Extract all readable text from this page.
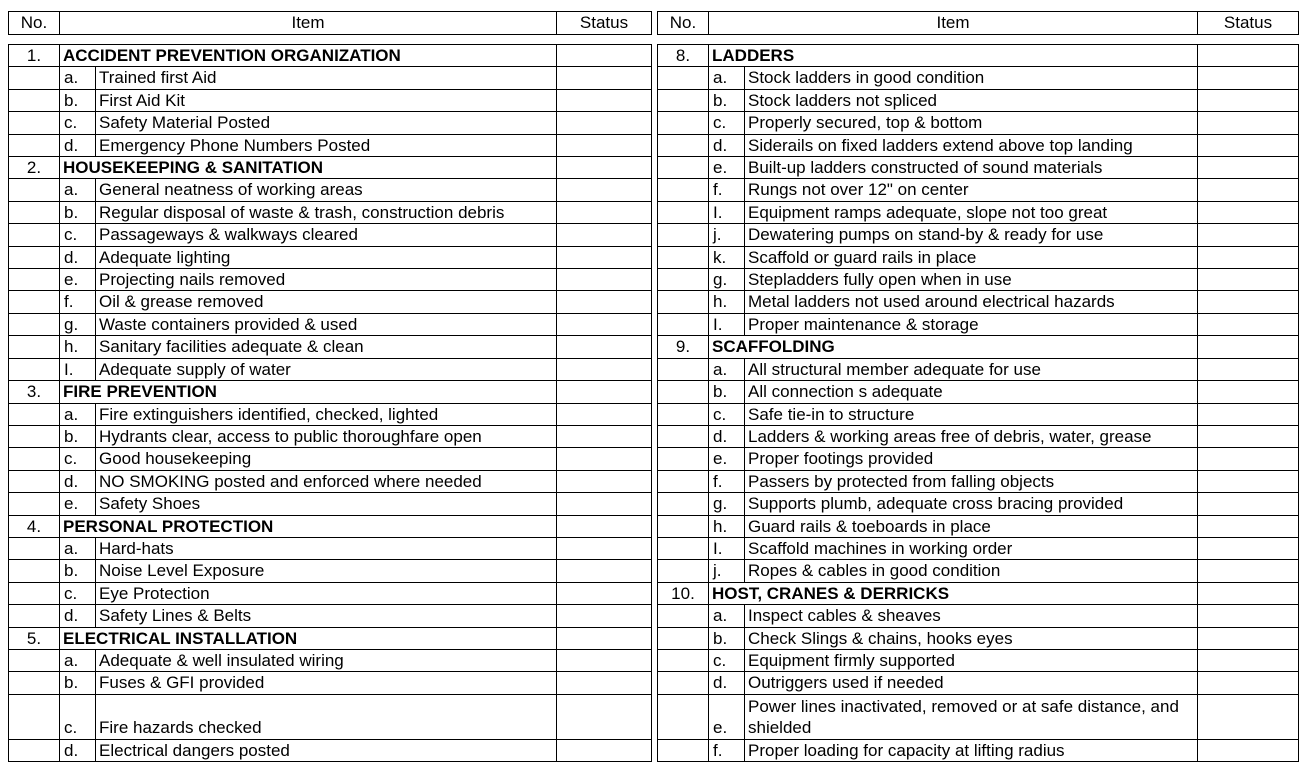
No.	Item	Status No.	Item	Status
1.	ACCIDENT PREVENTION ORGANIZATION		
	a.	Trained first Aid	
	b.	First Aid Kit	
	c.	Safety Material Posted	
	d.	Emergency Phone Numbers Posted	
2.	HOUSEKEEPING & SANITATION		
	a.	General neatness of working areas	
	b.	Regular disposal of waste & trash, construction debris	
	c.	Passageways & walkways cleared	
	d.	Adequate lighting	
	e.	Projecting nails removed	
	f.	Oil & grease removed	
	g.	Waste containers provided & used	
	h.	Sanitary facilities adequate & clean	
	I.	Adequate supply of water	
3.	FIRE PREVENTION		
	a.	Fire extinguishers identified, checked, lighted	
	b.	Hydrants clear, access to public thoroughfare open	
	c.	Good housekeeping	
	d.	NO SMOKING posted and enforced where needed	
	e.	Safety Shoes	
4.	PERSONAL PROTECTION		
	a.	Hard-hats	
	b.	Noise Level Exposure	
	c.	Eye Protection	
	d.	Safety Lines & Belts	
5.	ELECTRICAL INSTALLATION		
	a.	Adequate & well insulated wiring	
	b.	Fuses & GFI provided	
	c.	Fire hazards checked	
	d.	Electrical dangers posted	
8.	LADDERS		
	a.	Stock ladders in good condition	
	b.	Stock ladders not spliced	
	c.	Properly secured, top & bottom	
	d.	Siderails on fixed ladders extend above top landing	
	e.	Built-up ladders constructed of sound materials	
	f.	Rungs not over 12" on center	
	I.	Equipment ramps adequate, slope not too great	
	j.	Dewatering pumps on stand-by & ready for use	
	k.	Scaffold or guard rails in place	
	g.	Stepladders fully open when in use	
	h.	Metal ladders not used around electrical hazards	
	I.	Proper maintenance & storage	
9.	SCAFFOLDING		
	a.	All structural member adequate for use	
	b.	All connection s adequate	
	c.	Safe tie-in to structure	
	d.	Ladders & working areas free of debris, water, grease	
	e.	Proper footings provided	
	f.	Passers by protected from falling objects	
	g.	Supports plumb, adequate cross bracing provided	
	h.	Guard rails & toeboards in place	
	I.	Scaffold machines in working order	
	j.	Ropes & cables in good condition	
10.	HOST, CRANES & DERRICKS		
	a.	Inspect cables & sheaves	
	b.	Check Slings & chains, hooks eyes	
	c.	Equipment firmly supported	
	d.	Outriggers used if needed	
	e.	Power lines inactivated, removed or at safe distance, and shielded	
	f.	Proper loading for capacity at lifting radius	
